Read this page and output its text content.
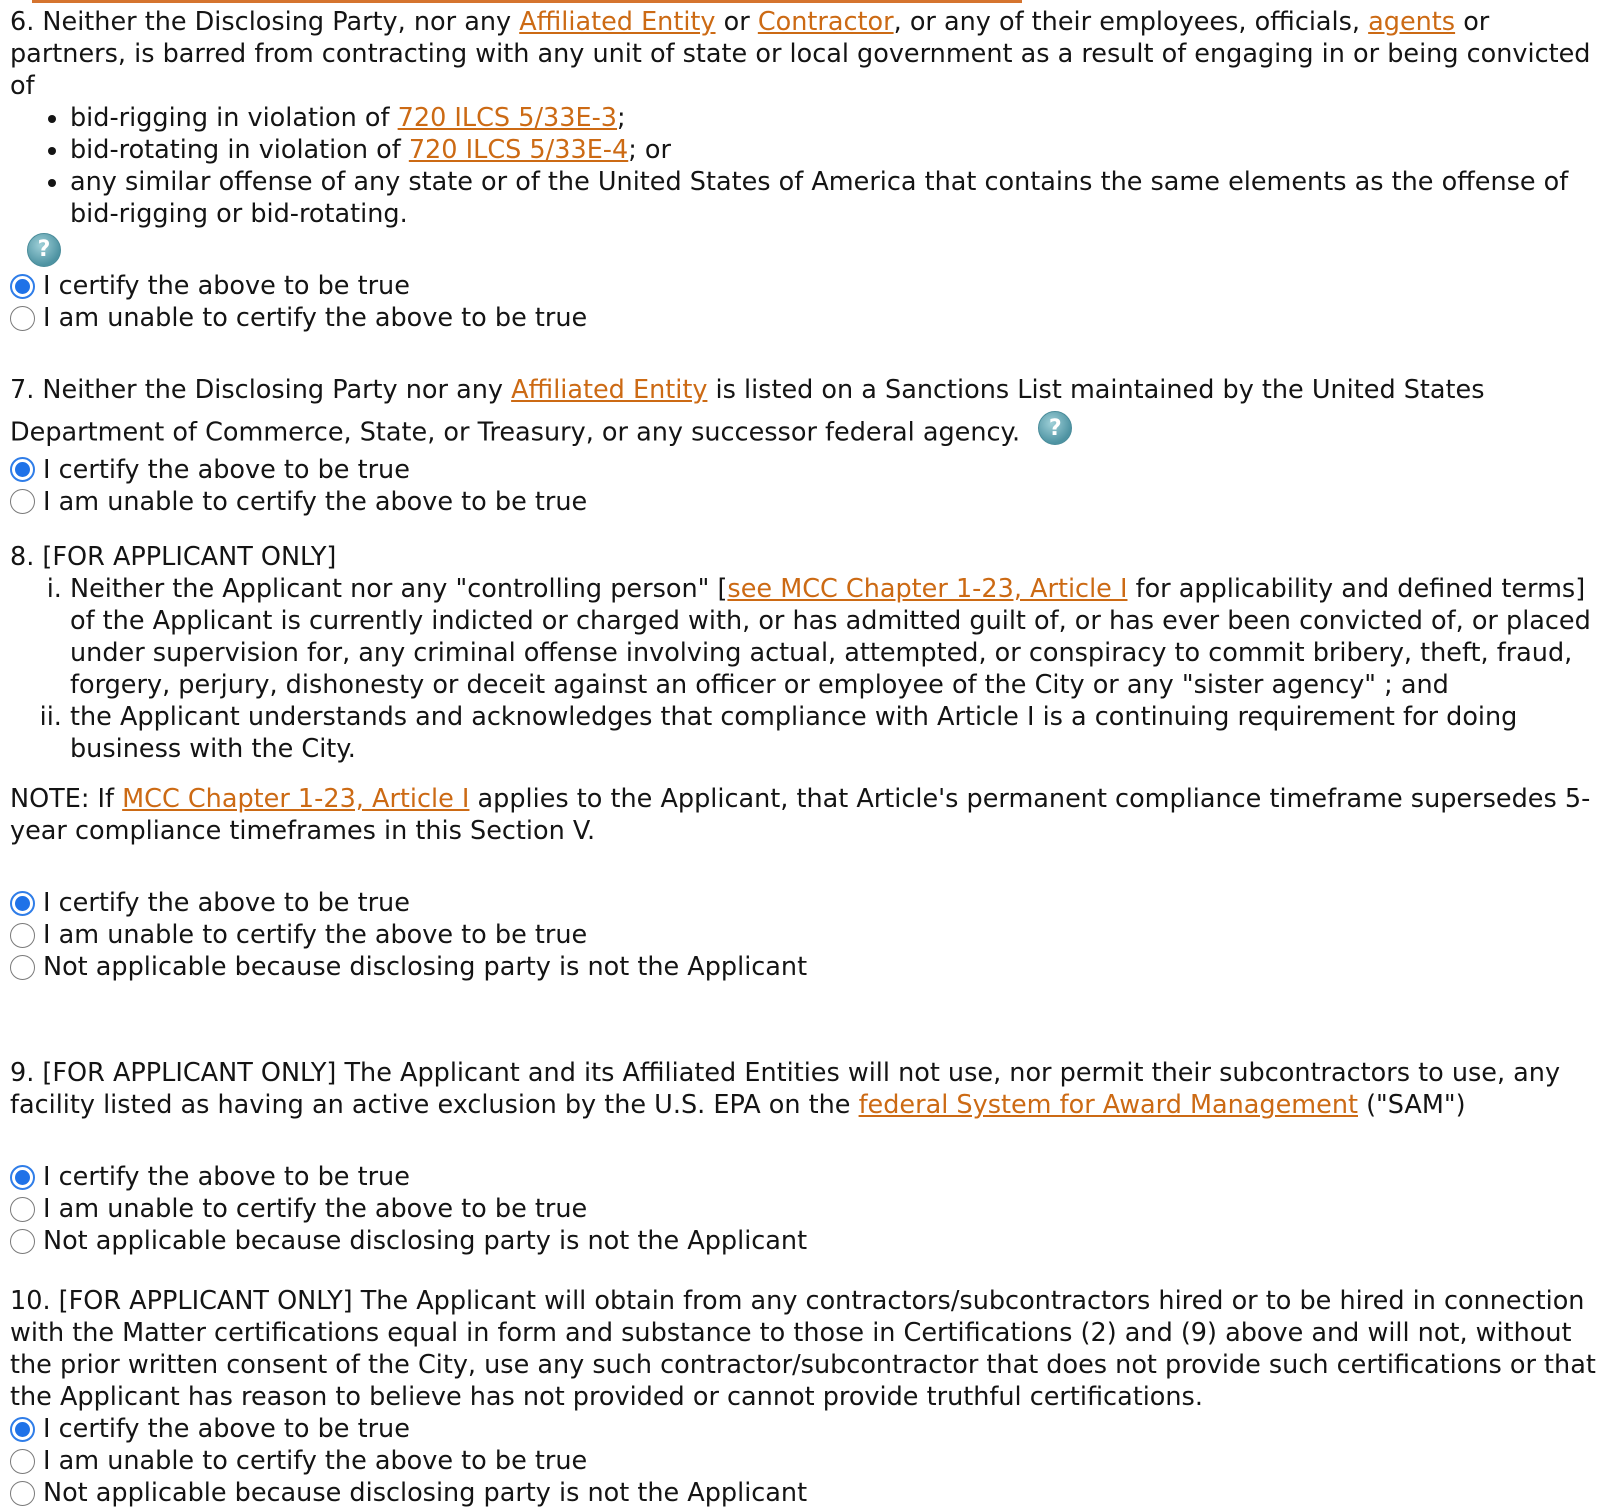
6. Neither the Disclosing Party, nor any Affiliated Entity or Contractor, or any of their employees, officials, agents or partners, is barred from contracting with any unit of state or local government as a result of engaging in or being convicted of

• bid-rigging in violation of 720 ILCS 5/33E-3;
• bid-rotating in violation of 720 ILCS 5/33E-4; or
• any similar offense of any state or of the United States of America that contains the same elements as the offense of bid-rigging or bid-rotating.
?
I certify the above to be true
I am unable to certify the above to be true

7. Neither the Disclosing Party nor any Affiliated Entity is listed on a Sanctions List maintained by the United States Department of Commerce, State, or Treasury, or any successor federal agency. ?

I certify the above to be true
I am unable to certify the above to be true

8. [FOR APPLICANT ONLY]

i. Neither the Applicant nor any "controlling person" [see MCC Chapter 1-23, Article I for applicability and defined terms] of the Applicant is currently indicted or charged with, or has admitted guilt of, or has ever been convicted of, or placed under supervision for, any criminal offense involving actual, attempted, or conspiracy to commit bribery, theft, fraud, forgery, perjury, dishonesty or deceit against an officer or employee of the City or any "sister agency" ; and
ii. the Applicant understands and acknowledges that compliance with Article I is a continuing requirement for doing business with the City.

NOTE: If MCC Chapter 1-23, Article I applies to the Applicant, that Article's permanent compliance timeframe supersedes 5-year compliance timeframes in this Section V.

I certify the above to be true
I am unable to certify the above to be true
Not applicable because disclosing party is not the Applicant

9. [FOR APPLICANT ONLY] The Applicant and its Affiliated Entities will not use, nor permit their subcontractors to use, any facility listed as having an active exclusion by the U.S. EPA on the federal System for Award Management ("SAM")

I certify the above to be true
I am unable to certify the above to be true
Not applicable because disclosing party is not the Applicant

10. [FOR APPLICANT ONLY] The Applicant will obtain from any contractors/subcontractors hired or to be hired in connection with the Matter certifications equal in form and substance to those in Certifications (2) and (9) above and will not, without the prior written consent of the City, use any such contractor/subcontractor that does not provide such certifications or that the Applicant has reason to believe has not provided or cannot provide truthful certifications.

I certify the above to be true
I am unable to certify the above to be true
Not applicable because disclosing party is not the Applicant
